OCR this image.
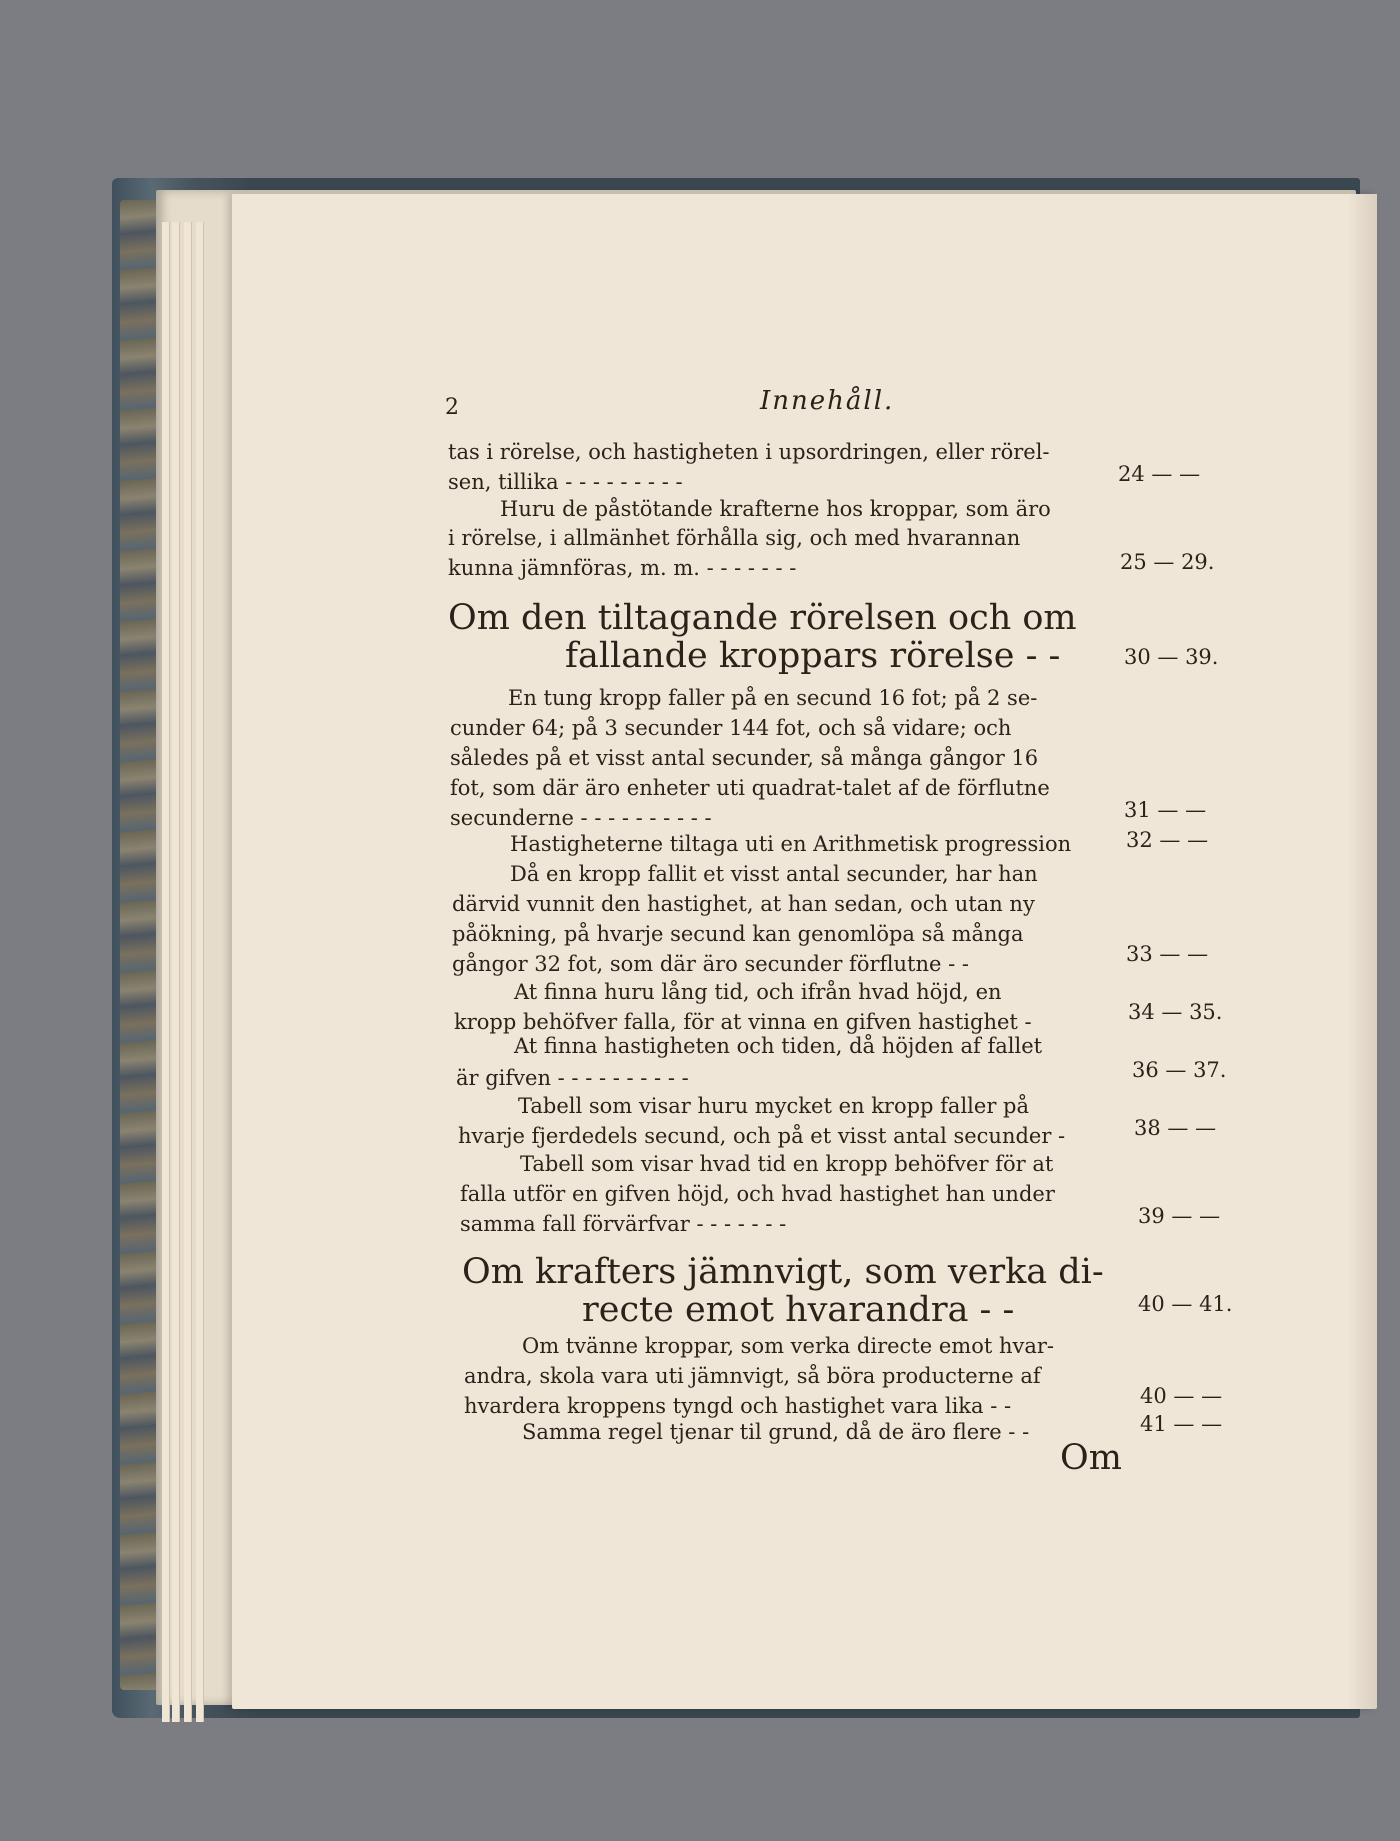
2	Innehåll.
tas i rörelse, och hastigheten i upsordringen, eller rörel-
sen, tillika - - - - - - - - -	24 — —
Huru de påstötande krafterne hos kroppar, som äro
i rörelse, i allmänhet förhålla sig, och med hvarannan
kunna jämnföras, m. m. - - - - - - -	25 — 29.
Om den tiltagande rörelsen och om
fallande kroppars rörelse - -	30 — 39.
En tung kropp faller på en secund 16 fot; på 2 se-
cunder 64; på 3 secunder 144 fot, och så vidare; och
således på et visst antal secunder, så många gångor 16
fot, som där äro enheter uti quadrat-talet af de förflutne
secunderne - - - - - - - - - -	31 — —
Hastigheterne tiltaga uti en Arithmetisk progression	32 — —
Då en kropp fallit et visst antal secunder, har han
därvid vunnit den hastighet, at han sedan, och utan ny
påökning, på hvarje secund kan genomlöpa så många
gångor 32 fot, som där äro secunder förflutne - -	33 — —
At finna huru lång tid, och ifrån hvad höjd, en
kropp behöfver falla, för at vinna en gifven hastighet -	34 — 35.
At finna hastigheten och tiden, då höjden af fallet
är gifven - - - - - - - - - -	36 — 37.
Tabell som visar huru mycket en kropp faller på
hvarje fjerdedels secund, och på et visst antal secunder -	38 — —
Tabell som visar hvad tid en kropp behöfver för at
falla utför en gifven höjd, och hvad hastighet han under
samma fall förvärfvar - - - - - - -	39 — —
Om krafters jämnvigt, som verka di-
recte emot hvarandra - -	40 — 41.
Om tvänne kroppar, som verka directe emot hvar-
andra, skola vara uti jämnvigt, så böra producterne af
hvardera kroppens tyngd och hastighet vara lika - -	40 — —
Samma regel tjenar til grund, då de äro flere - -	41 — —
Om
